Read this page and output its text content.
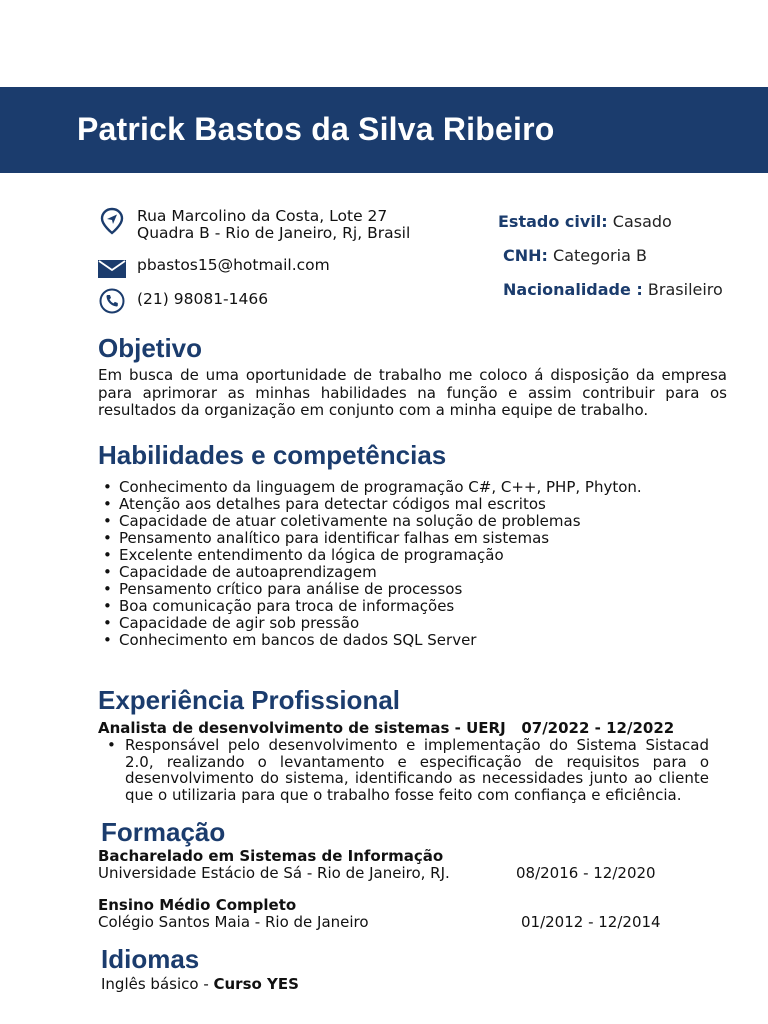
Patrick Bastos da Silva Ribeiro
Rua Marcolino da Costa, Lote 27
Quadra B - Rio de Janeiro, Rj, Brasil
pbastos15@hotmail.com
(21) 98081-1466
Estado civil: Casado
CNH: Categoria B
Nacionalidade : Brasileiro
Objetivo
Em busca de uma oportunidade de trabalho me coloco á disposição da empresa para aprimorar as minhas habilidades na função e assim contribuir para os resultados da organização em conjunto com a minha equipe de trabalho.
Habilidades e competências
• Conhecimento da linguagem de programação C#, C++, PHP, Phyton.
• Atenção aos detalhes para detectar códigos mal escritos
• Capacidade de atuar coletivamente na solução de problemas
• Pensamento analítico para identificar falhas em sistemas
• Excelente entendimento da lógica de programação
• Capacidade de autoaprendizagem
• Pensamento crítico para análise de processos
• Boa comunicação para troca de informações
• Capacidade de agir sob pressão
• Conhecimento em bancos de dados SQL Server
Experiência Profissional
Analista de desenvolvimento de sistemas - UERJ   07/2022 - 12/2022
• Responsável pelo desenvolvimento e implementação do Sistema Sistacad 2.0, realizando o levantamento e especificação de requisitos para o desenvolvimento do sistema, identificando as necessidades junto ao cliente que o utilizaria para que o trabalho fosse feito com confiança e eficiência.
Formação
Bacharelado em Sistemas de Informação
Universidade Estácio de Sá - Rio de Janeiro, RJ.	08/2016 - 12/2020
Ensino Médio Completo
Colégio Santos Maia - Rio de Janeiro	01/2012 - 12/2014
Idiomas
Inglês básico - Curso YES
